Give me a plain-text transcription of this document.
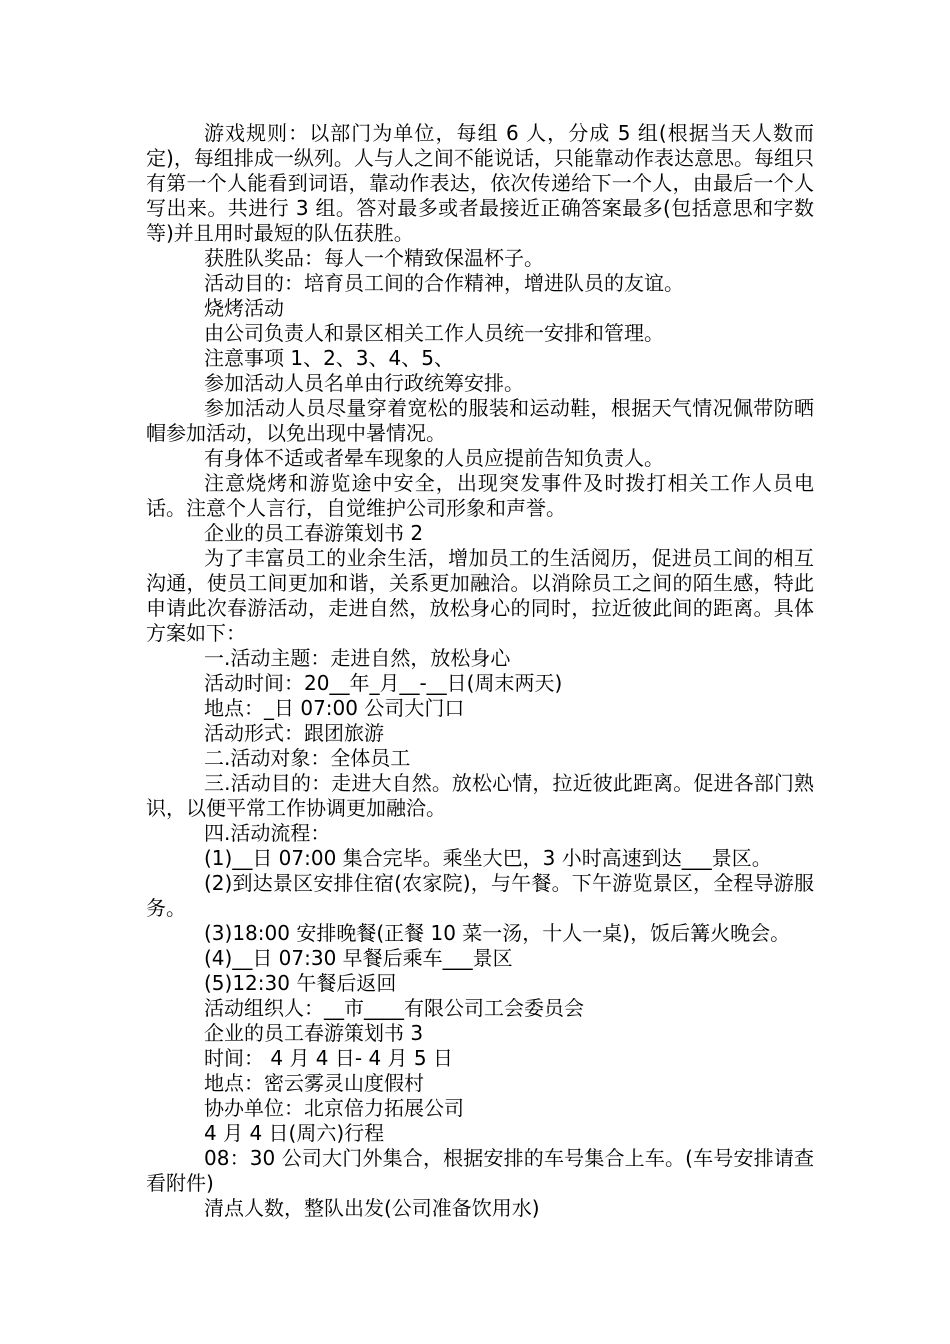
游戏规则：以部门为单位，每组 6 人，分成 5 组(根据当天人数而定)，每组排成一纵列。人与人之间不能说话，只能靠动作表达意思。每组只有第一个人能看到词语，靠动作表达，依次传递给下一个人，由最后一个人写出来。共进行 3 组。答对最多或者最接近正确答案最多(包括意思和字数等)并且用时最短的队伍获胜。

获胜队奖品：每人一个精致保温杯子。

活动目的：培育员工间的合作精神，增进队员的友谊。

烧烤活动

由公司负责人和景区相关工作人员统一安排和管理。

注意事项 1、2、3、4、5、

参加活动人员名单由行政统筹安排。

参加活动人员尽量穿着宽松的服装和运动鞋，根据天气情况佩带防晒帽参加活动，以免出现中暑情况。

有身体不适或者晕车现象的人员应提前告知负责人。

注意烧烤和游览途中安全，出现突发事件及时拨打相关工作人员电话。注意个人言行，自觉维护公司形象和声誉。

企业的员工春游策划书 2

为了丰富员工的业余生活，增加员工的生活阅历，促进员工间的相互沟通，使员工间更加和谐，关系更加融洽。以消除员工之间的陌生感，特此申请此次春游活动，走进自然，放松身心的同时，拉近彼此间的距离。具体方案如下：

一.活动主题：走进自然，放松身心

活动时间：20__年_月__-__日(周末两天)

地点：_日 07:00 公司大门口

活动形式：跟团旅游

二.活动对象：全体员工

三.活动目的：走进大自然。放松心情，拉近彼此距离。促进各部门熟识，以便平常工作协调更加融洽。

四.活动流程：

(1)__日 07:00 集合完毕。乘坐大巴，3 小时高速到达___景区。

(2)到达景区安排住宿(农家院)，与午餐。下午游览景区，全程导游服务。

(3)18:00 安排晚餐(正餐 10 菜一汤，十人一桌)，饭后篝火晚会。

(4)__日 07:30 早餐后乘车___景区

(5)12:30 午餐后返回

活动组织人：__市____有限公司工会委员会

企业的员工春游策划书 3

时间： 4 月 4 日- 4 月 5 日

地点：密云雾灵山度假村

协办单位：北京倍力拓展公司

4 月 4 日(周六)行程

08：30 公司大门外集合，根据安排的车号集合上车。(车号安排请查看附件)

清点人数，整队出发(公司准备饮用水)
